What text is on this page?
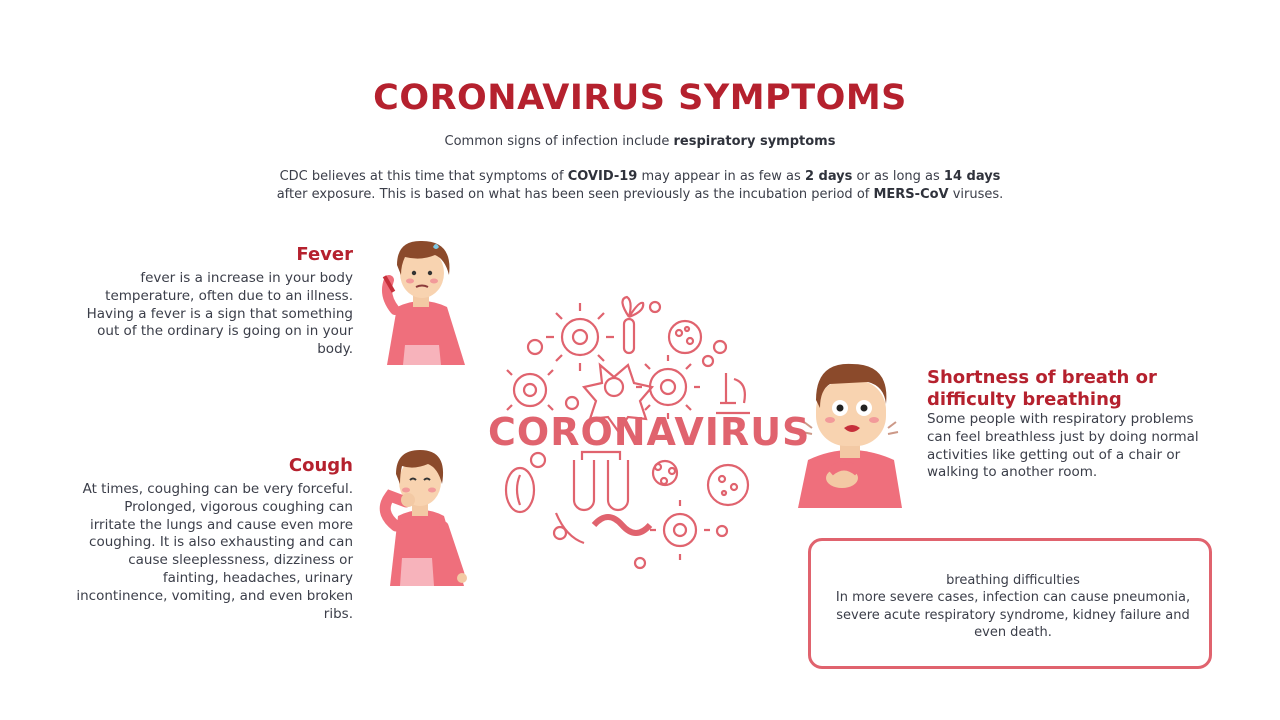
CORONAVIRUS SYMPTOMS
Common signs of infection include respiratory symptoms
CDC believes at this time that symptoms of COVID-19 may appear in as few as 2 days or as long as 14 days after exposure. This is based on what has been seen previously as the incubation period of MERS-CoV viruses.
Fever
fever is a increase in your body temperature, often due to an illness. Having a fever is a sign that something out of the ordinary is going on in your body.
Cough
At times, coughing can be very forceful. Prolonged, vigorous coughing can irritate the lungs and cause even more coughing. It is also exhausting and can cause sleeplessness, dizziness or fainting, headaches, urinary incontinence, vomiting, and even broken ribs.
Shortness of breath or difficulty breathing
Some people with respiratory problems can feel breathless just by doing normal activities like getting out of a chair or walking to another room.
breathing difficulties
In more severe cases, infection can cause pneumonia, severe acute respiratory syndrome, kidney failure and even death.
CORONAVIRUS
